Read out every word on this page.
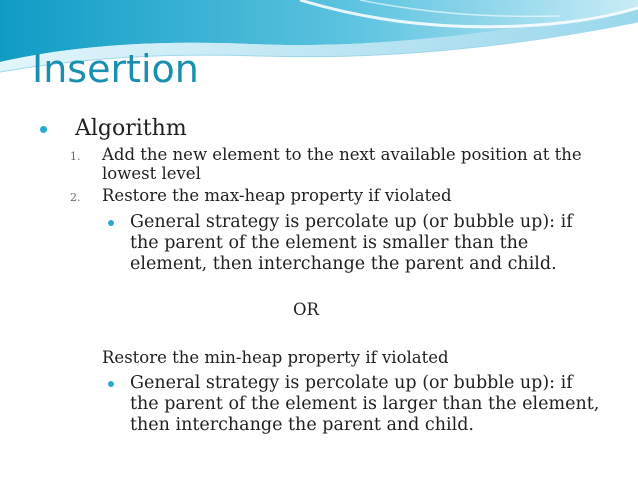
Insertion
Algorithm
1. Add the new element to the next available position at the
lowest level
2. Restore the max-heap property if violated
General strategy is percolate up (or bubble up): if
the parent of the element is smaller than the
element, then interchange the parent and child.
OR
Restore the min-heap property if violated
General strategy is percolate up (or bubble up): if
the parent of the element is larger than the element,
then interchange the parent and child.
